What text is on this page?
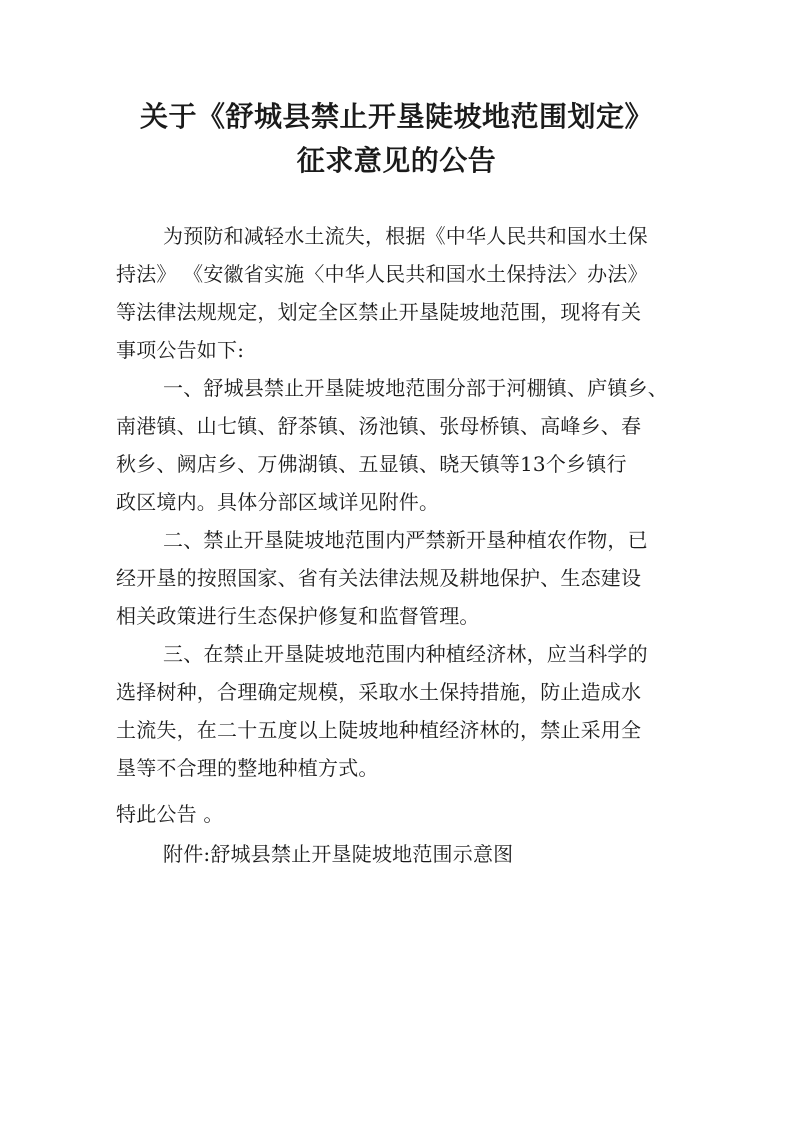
关于《舒城县禁止开垦陡坡地范围划定》
征求意见的公告
为预防和减轻水土流失，根据《中华人民共和国水土保
持法》 《安徽省实施〈中华人民共和国水土保持法〉办法》
等法律法规规定，划定全区禁止开垦陡坡地范围，现将有关
事项公告如下:
一、舒城县禁止开垦陡坡地范围分部于河棚镇、庐镇乡、
南港镇、山七镇、舒茶镇、汤池镇、张母桥镇、高峰乡、春
秋乡、阙店乡、万佛湖镇、五显镇、晓天镇等13个乡镇行
政区境内。具体分部区域详见附件。
二、禁止开垦陡坡地范围内严禁新开垦种植农作物，已
经开垦的按照国家、省有关法律法规及耕地保护、生态建设
相关政策进行生态保护修复和监督管理。
三、在禁止开垦陡坡地范围内种植经济林，应当科学的
选择树种，合理确定规模，采取水土保持措施，防止造成水
土流失，在二十五度以上陡坡地种植经济林的，禁止采用全
垦等不合理的整地种植方式。
特此公告 。
附件:舒城县禁止开垦陡坡地范围示意图
